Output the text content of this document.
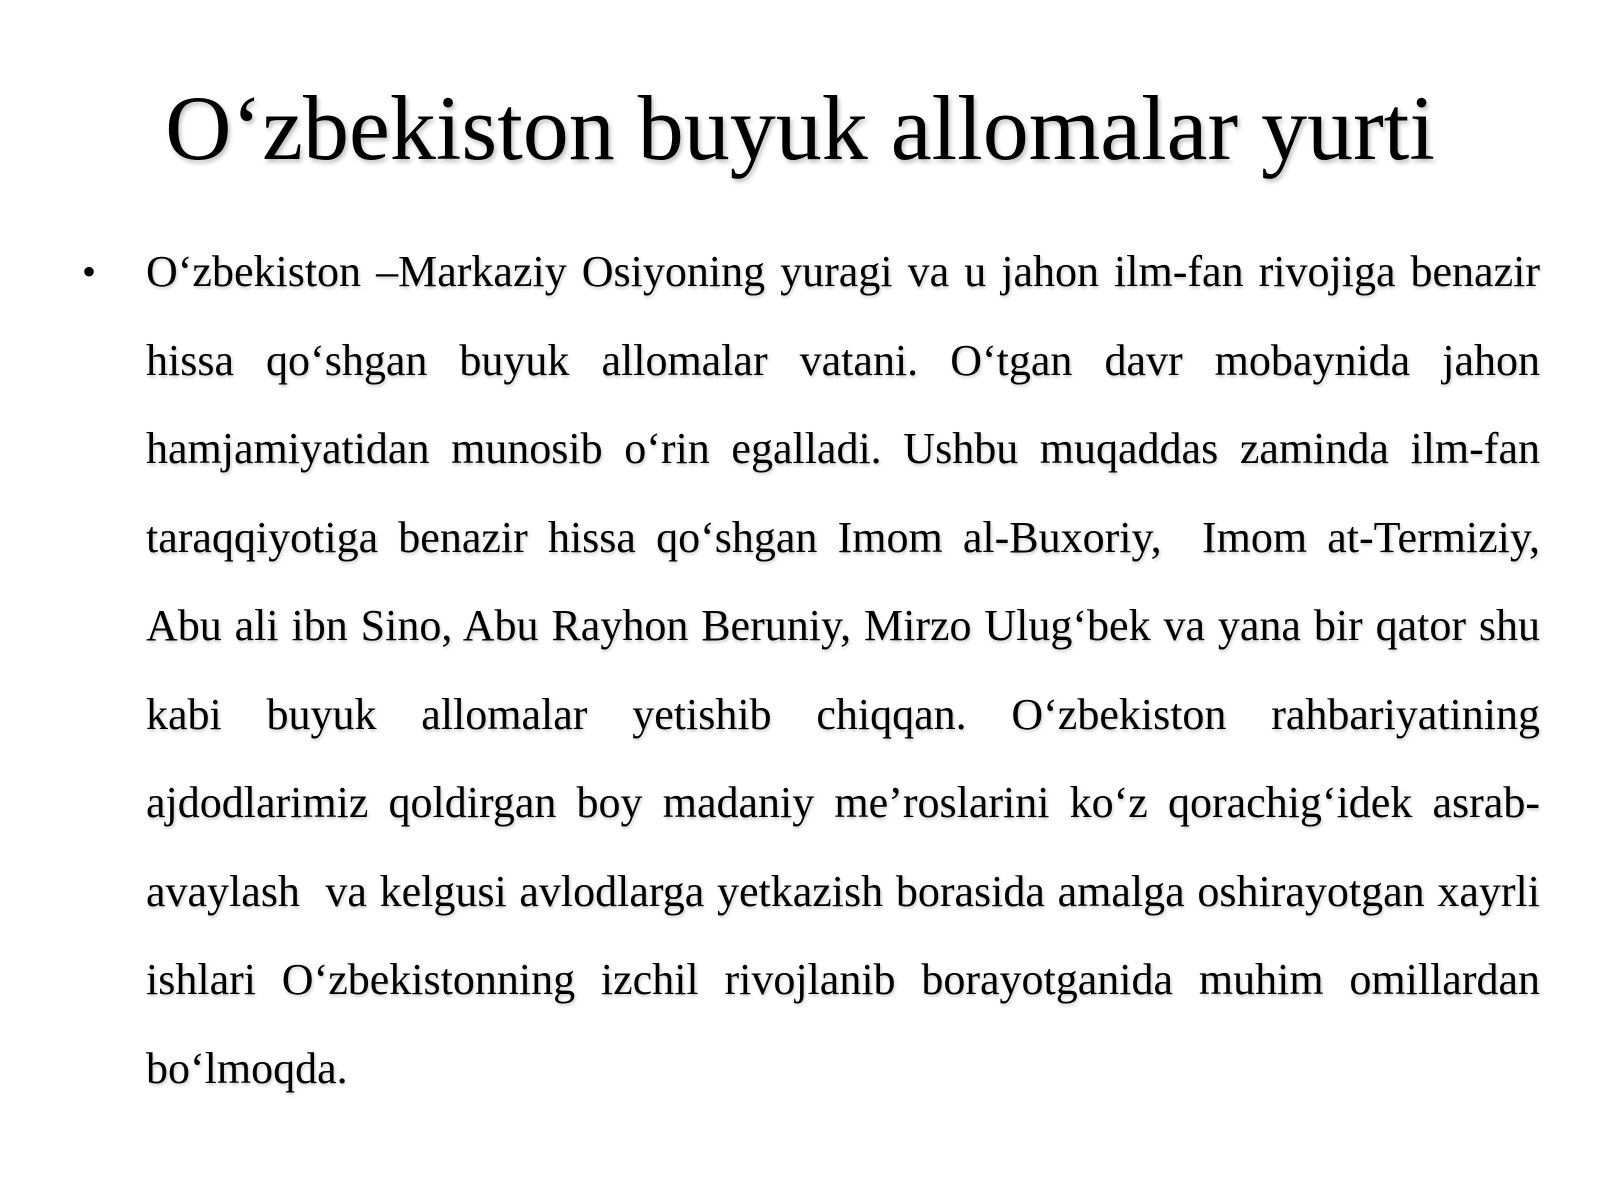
O‘zbekiston buyuk allomalar yurti
• O‘zbekiston –Markaziy Osiyoning yuragi va u jahon ilm-fan rivojiga benazir hissa qo‘shgan buyuk allomalar vatani. O‘tgan davr mobaynida jahon hamjamiyatidan munosib o‘rin egalladi. Ushbu muqaddas zaminda ilm-fan taraqqiyotiga benazir hissa qo‘shgan Imom al-Buxoriy,  Imom at-Termiziy, Abu ali ibn Sino, Abu Rayhon Beruniy, Mirzo Ulug‘bek va yana bir qator shu kabi buyuk allomalar yetishib chiqqan. O‘zbekiston rahbariyatining  ajdodlarimiz qoldirgan boy madaniy me’roslarini ko‘z qorachig‘idek asrab-avaylash  va kelgusi avlodlarga yetkazish borasida amalga oshirayotgan xayrli ishlari O‘zbekistonning izchil rivojlanib borayotganida muhim omillardan bo‘lmoqda.
